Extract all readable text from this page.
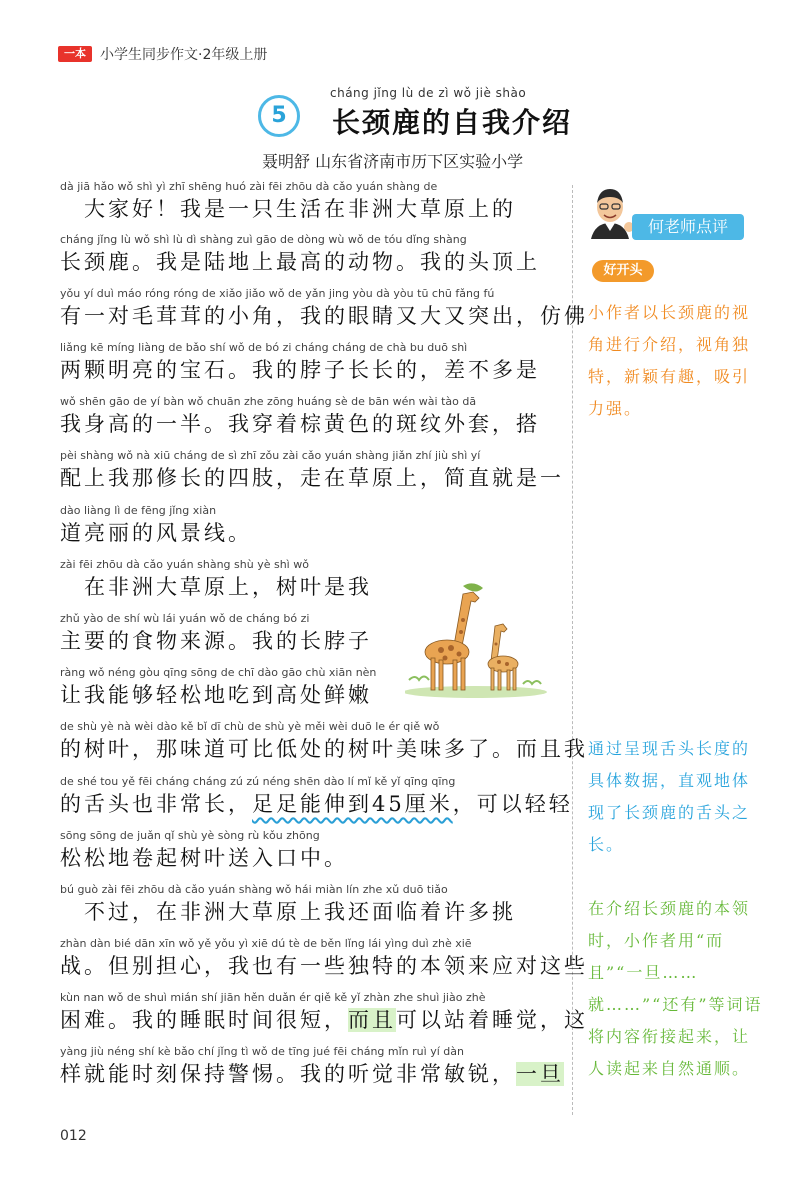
一本	小学生同步作文·2年级上册
cháng jǐng lù de zì wǒ jiè shào
5	长颈鹿的自我介绍
聂明舒 山东省济南市历下区实验小学
dà jiā hǎo wǒ shì yì zhī shēng huó zài fēi zhōu dà cǎo yuán shàng de
　大家好！我是一只生活在非洲大草原上的
cháng jǐng lù wǒ shì lù dì shàng zuì gāo de dòng wù wǒ de tóu dǐng shàng
长颈鹿。我是陆地上最高的动物。我的头顶上
yǒu yí duì máo róng róng de xiǎo jiǎo wǒ de yǎn jing yòu dà yòu tū chū fǎng fú
有一对毛茸茸的小角，我的眼睛又大又突出，仿佛
liǎng kē míng liàng de bǎo shí wǒ de bó zi cháng cháng de chà bu duō shì
两颗明亮的宝石。我的脖子长长的，差不多是
wǒ shēn gāo de yí bàn wǒ chuān zhe zōng huáng sè de bān wén wài tào dā
我身高的一半。我穿着棕黄色的斑纹外套，搭
pèi shàng wǒ nà xiū cháng de sì zhī zǒu zài cǎo yuán shàng jiǎn zhí jiù shì yí
配上我那修长的四肢，走在草原上，简直就是一
dào liàng lì de fēng jǐng xiàn
道亮丽的风景线。
zài fēi zhōu dà cǎo yuán shàng shù yè shì wǒ
　在非洲大草原上，树叶是我
zhǔ yào de shí wù lái yuán wǒ de cháng bó zi
主要的食物来源。我的长脖子
ràng wǒ néng gòu qīng sōng de chī dào gāo chù xiān nèn
让我能够轻松地吃到高处鲜嫩
de shù yè nà wèi dào kě bǐ dī chù de shù yè měi wèi duō le ér qiě wǒ
的树叶，那味道可比低处的树叶美味多了。而且我
de shé tou yě fēi cháng cháng zú zú néng shēn dào lí mǐ kě yǐ qīng qīng
的舌头也非常长，足足能伸到45厘米，可以轻轻
sōng sōng de juǎn qǐ shù yè sòng rù kǒu zhōng
松松地卷起树叶送入口中。
bú guò zài fēi zhōu dà cǎo yuán shàng wǒ hái miàn lín zhe xǔ duō tiǎo
　不过，在非洲大草原上我还面临着许多挑
zhàn dàn bié dān xīn wǒ yě yǒu yì xiē dú tè de běn lǐng lái yìng duì zhè xiē
战。但别担心，我也有一些独特的本领来应对这些
kùn nan wǒ de shuì mián shí jiān hěn duǎn ér qiě kě yǐ zhàn zhe shuì jiào zhè
困难。我的睡眠时间很短，而且可以站着睡觉，这
yàng jiù néng shí kè bǎo chí jǐng tì wǒ de tīng jué fēi cháng mǐn ruì yí dàn
样就能时刻保持警惕。我的听觉非常敏锐，一旦
何老师点评
好开头
小作者以长颈鹿的视角进行介绍，视角独特，新颖有趣，吸引力强。
通过呈现舌头长度的具体数据，直观地体现了长颈鹿的舌头之长。
在介绍长颈鹿的本领时，小作者用“而且”“一旦……就……”“还有”等词语将内容衔接起来，让人读起来自然通顺。
012
